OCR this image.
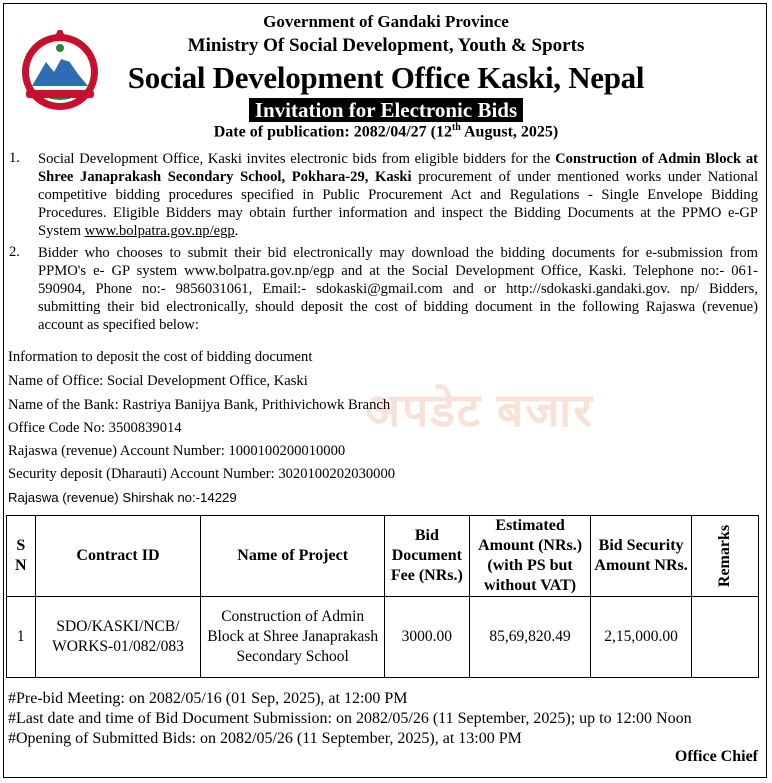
Government of Gandaki Province
Ministry Of Social Development, Youth & Sports
Social Development Office Kaski, Nepal
Invitation for Electronic Bids
Date of publication: 2082/04/27 (12th August, 2025)
1. Social Development Office, Kaski invites electronic bids from eligible bidders for the Construction of Admin Block at Shree Janaprakash Secondary School, Pokhara-29, Kaski procurement of under mentioned works under National competitive bidding procedures specified in Public Procurement Act and Regulations - Single Envelope Bidding Procedures. Eligible Bidders may obtain further information and inspect the Bidding Documents at the PPMO e-GP System www.bolpatra.gov.np/egp.
2. Bidder who chooses to submit their bid electronically may download the bidding documents for e-submission from PPMO's e- GP system www.bolpatra.gov.np/egp and at the Social Development Office, Kaski. Telephone no:- 061-590904, Phone no:- 9856031061, Email:- sdokaski@gmail.com and or http://sdokaski.gandaki.gov. np/ Bidders, submitting their bid electronically, should deposit the cost of bidding document in the following Rajaswa (revenue) account as specified below:
अपडेट बजार
Information to deposit the cost of bidding document
Name of Office: Social Development Office, Kaski
Name of the Bank: Rastriya Banijya Bank, Prithivichowk Branch
Office Code No: 3500839014
Rajaswa (revenue) Account Number: 1000100200010000
Security deposit (Dharauti) Account Number: 3020100202030000
Rajaswa (revenue) Shirshak no:-14229
S N	Contract ID	Name of Project	Bid Document Fee (NRs.)	Estimated Amount (NRs.) (with PS but without VAT)	Bid Security Amount NRs.	Remarks
1	SDO/KASKI/NCB/ WORKS-01/082/083	Construction of Admin Block at Shree Janaprakash Secondary School	3000.00	85,69,820.49	2,15,000.00	
#Pre-bid Meeting: on 2082/05/16 (01 Sep, 2025), at 12:00 PM
#Last date and time of Bid Document Submission: on 2082/05/26 (11 September, 2025); up to 12:00 Noon
#Opening of Submitted Bids: on 2082/05/26 (11 September, 2025), at 13:00 PM
Office Chief
